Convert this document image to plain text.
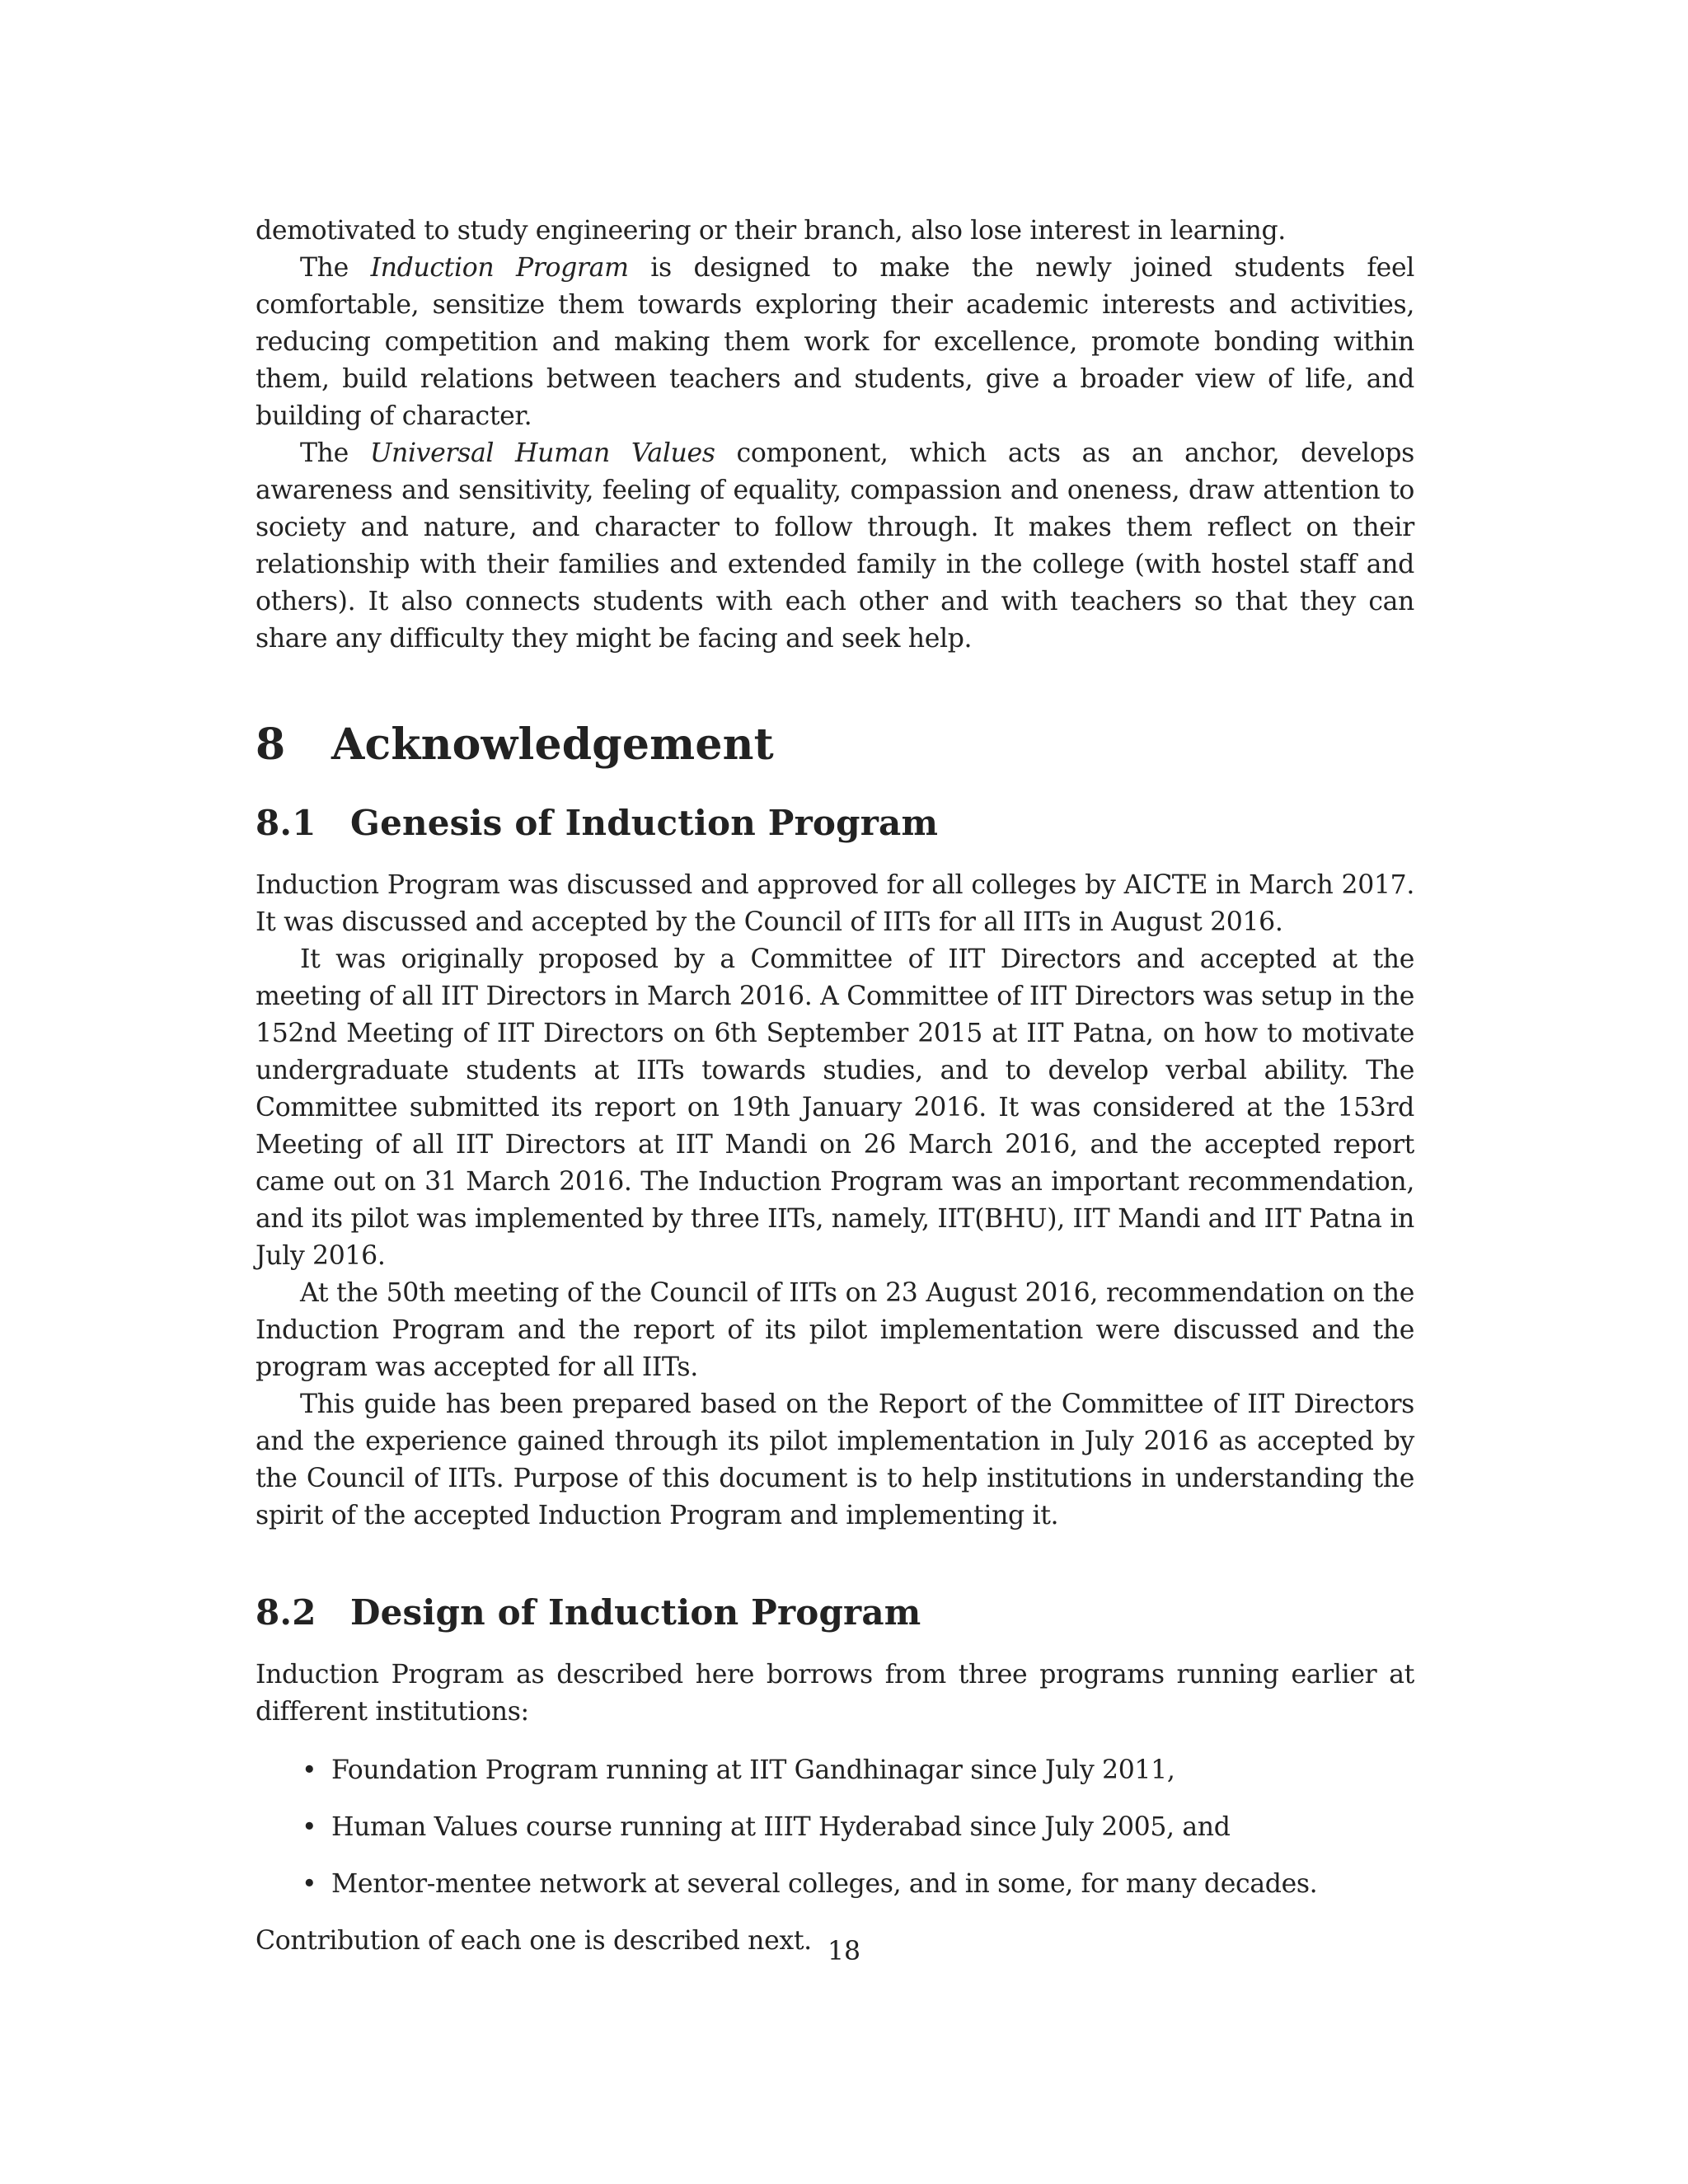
demotivated to study engineering or their branch, also lose interest in learning.

The Induction Program is designed to make the newly joined students feel comfortable, sensitize them towards exploring their academic interests and activities, reducing competition and making them work for excellence, promote bonding within them, build relations between teachers and students, give a broader view of life, and building of character.

The Universal Human Values component, which acts as an anchor, develops awareness and sensitivity, feeling of equality, compassion and oneness, draw attention to society and nature, and character to follow through. It makes them reflect on their relationship with their families and extended family in the college (with hostel staff and others). It also connects students with each other and with teachers so that they can share any difficulty they might be facing and seek help.

8 Acknowledgement
8.1 Genesis of Induction Program

Induction Program was discussed and approved for all colleges by AICTE in March 2017. It was discussed and accepted by the Council of IITs for all IITs in August 2016.

It was originally proposed by a Committee of IIT Directors and accepted at the meeting of all IIT Directors in March 2016. A Committee of IIT Directors was setup in the 152nd Meeting of IIT Directors on 6th September 2015 at IIT Patna, on how to motivate undergraduate students at IITs towards studies, and to develop verbal ability. The Committee submitted its report on 19th January 2016. It was considered at the 153rd Meeting of all IIT Directors at IIT Mandi on 26 March 2016, and the accepted report came out on 31 March 2016. The Induction Program was an important recommendation, and its pilot was implemented by three IITs, namely, IIT(BHU), IIT Mandi and IIT Patna in July 2016.

At the 50th meeting of the Council of IITs on 23 August 2016, recommendation on the Induction Program and the report of its pilot implementation were discussed and the program was accepted for all IITs.

This guide has been prepared based on the Report of the Committee of IIT Directors and the experience gained through its pilot implementation in July 2016 as accepted by the Council of IITs. Purpose of this document is to help institutions in understanding the spirit of the accepted Induction Program and implementing it.

8.2 Design of Induction Program

Induction Program as described here borrows from three programs running earlier at different institutions:

• Foundation Program running at IIT Gandhinagar since July 2011,
• Human Values course running at IIIT Hyderabad since July 2005, and
• Mentor-mentee network at several colleges, and in some, for many decades.

Contribution of each one is described next. 18
